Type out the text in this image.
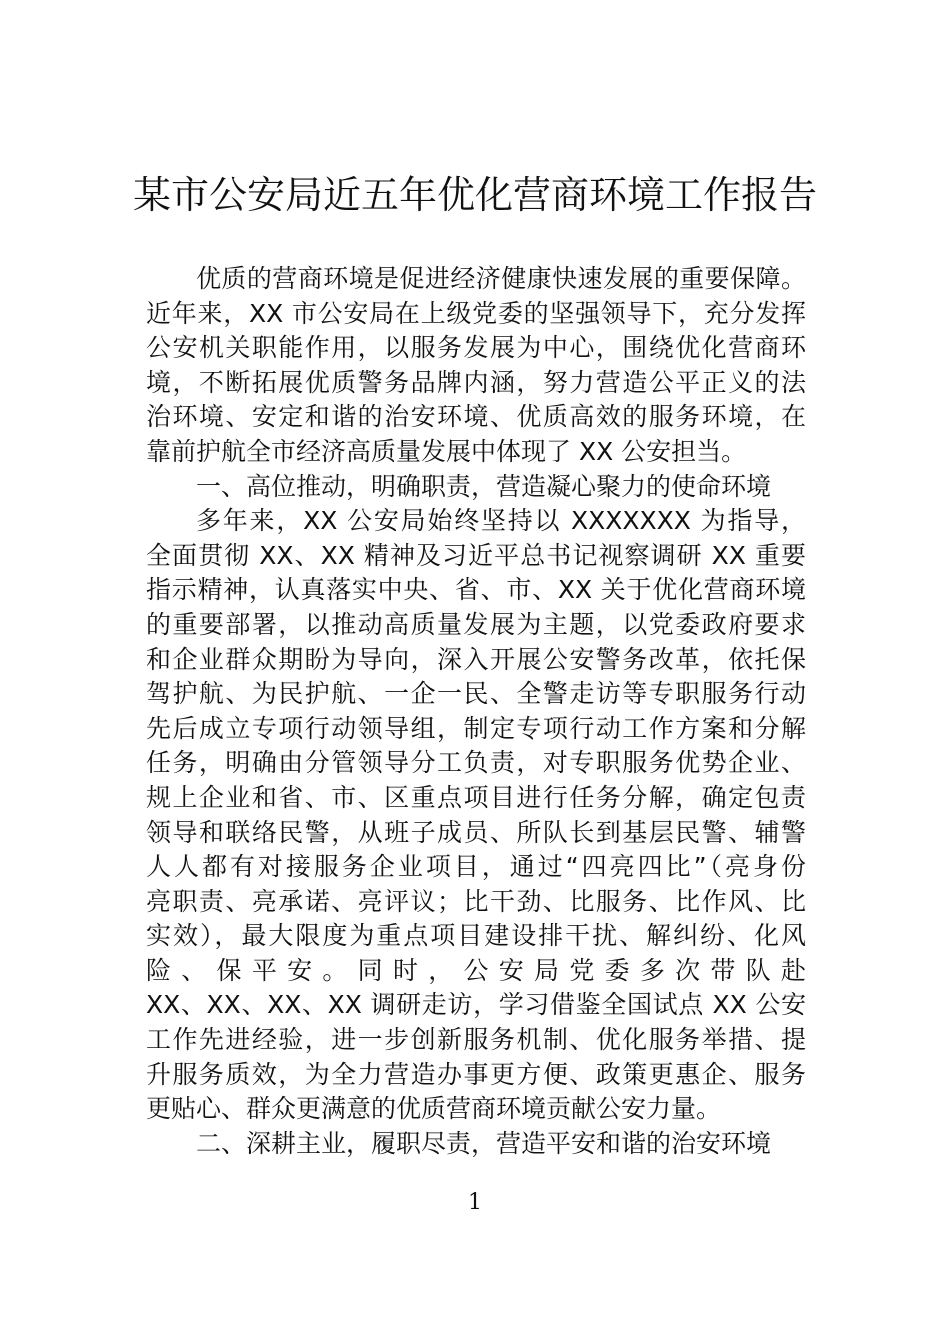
某市公安局近五年优化营商环境工作报告
优质的营商环境是促进经济健康快速发展的重要保障。
近年来，XX 市公安局在上级党委的坚强领导下，充分发挥
公安机关职能作用，以服务发展为中心，围绕优化营商环
境，不断拓展优质警务品牌内涵，努力营造公平正义的法
治环境、安定和谐的治安环境、优质高效的服务环境，在
靠前护航全市经济高质量发展中体现了 XX 公安担当。
一、高位推动，明确职责，营造凝心聚力的使命环境
多年来，XX 公安局始终坚持以 XXXXXXX 为指导，
全面贯彻 XX、XX 精神及习近平总书记视察调研 XX 重要
指示精神，认真落实中央、省、市、XX 关于优化营商环境
的重要部署，以推动高质量发展为主题，以党委政府要求
和企业群众期盼为导向，深入开展公安警务改革，依托保
驾护航、为民护航、一企一民、全警走访等专职服务行动
先后成立专项行动领导组，制定专项行动工作方案和分解
任务，明确由分管领导分工负责，对专职服务优势企业、
规上企业和省、市、区重点项目进行任务分解，确定包责
领导和联络民警，从班子成员、所队长到基层民警、辅警
人人都有对接服务企业项目，通过“四亮四比”（亮身份
亮职责、亮承诺、亮评议；比干劲、比服务、比作风、比
实效），最大限度为重点项目建设排干扰、解纠纷、化风
险、保平安。同时，公安局党委多次带队赴
XX、XX、XX、XX 调研走访，学习借鉴全国试点 XX 公安
工作先进经验，进一步创新服务机制、优化服务举措、提
升服务质效，为全力营造办事更方便、政策更惠企、服务
更贴心、群众更满意的优质营商环境贡献公安力量。
二、深耕主业，履职尽责，营造平安和谐的治安环境
1
